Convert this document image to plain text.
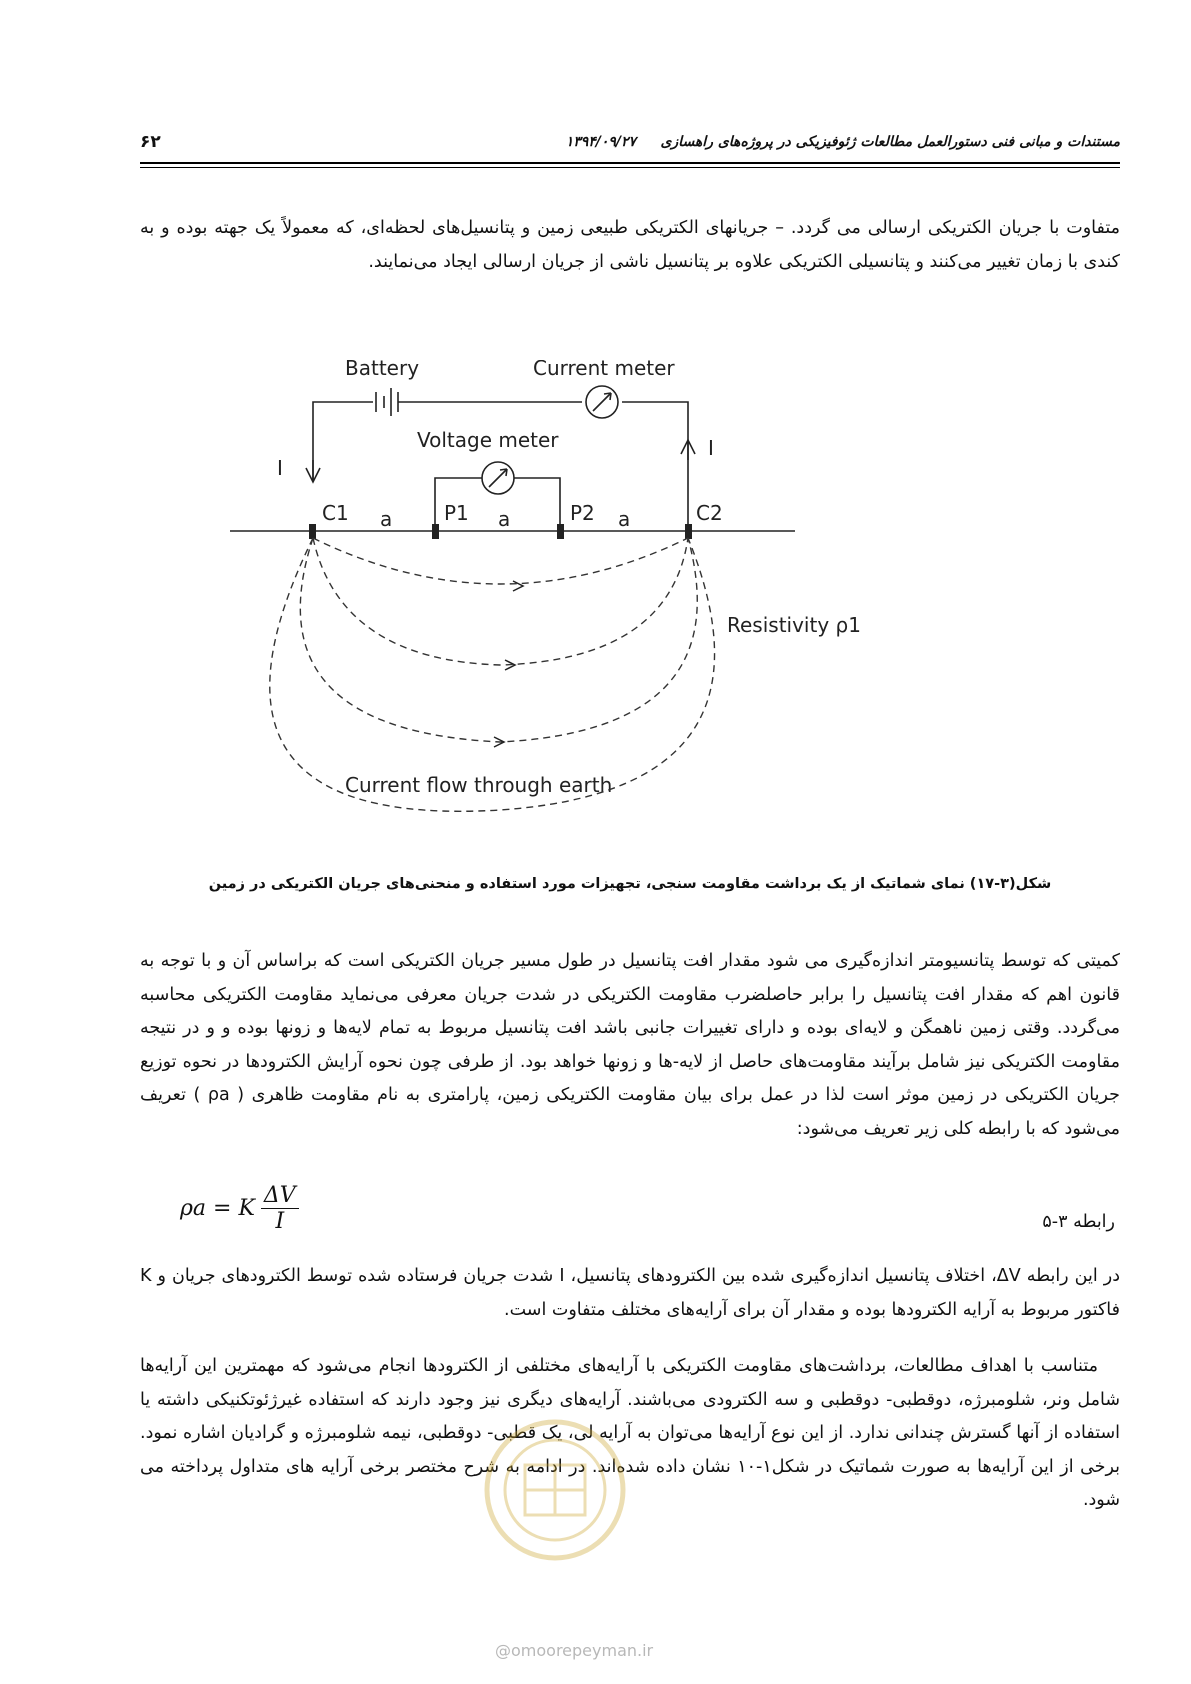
۶۲	مستندات و مبانی فنی دستورالعمل مطالعات ژئوفیزیکی در پروژه‌های راهسازی     ۱۳۹۴/۰۹/۲۷

متفاوت با جریان الکتریکی ارسالی می گردد. – جریانهای الکتریکی طبیعی زمین و پتانسیل‌های لحظه‌ای، که معمولاً یک جهته بوده و به کندی با زمان تغییر می‌کنند و پتانسیلی الکتریکی علاوه بر پتانسیل ناشی از جریان ارسالی ایجاد می‌نمایند.

Battery	Current meter
Voltage meter
I
I
C1 a	P1 a	P2 a	C2
Resistivity ρ1
Current flow through earth
شکل(۳-۱۷) نمای شماتیک از یک برداشت مقاومت سنجی، تجهیزات مورد استفاده و منحنی‌های جریان الکتریکی در زمین

کمیتی که توسط پتانسیومتر اندازه‌گیری می شود مقدار افت پتانسیل در طول مسیر جریان الکتریکی است که براساس آن و با توجه به قانون اهم که مقدار افت پتانسیل را برابر حاصلضرب مقاومت الکتریکی در شدت جریان معرفی می‌نماید مقاومت الکتریکی محاسبه می‌گردد. وقتی زمین ناهمگن و لایه‌ای بوده و دارای تغییرات جانبی باشد افت پتانسیل مربوط به تمام لایه‌ها و زونها بوده و و در نتیجه مقاومت الکتریکی نیز شامل برآیند مقاومت‌های حاصل از لایه-ها و زونها خواهد بود. از طرفی چون نحوه آرایش الکترودها در نحوه توزیع جریان الکتریکی در زمین موثر است لذا در عمل برای بیان مقاومت الکتریکی زمین، پارامتری به نام مقاومت ظاهری ( ρa ) تعریف می‌شود که با رابطه کلی زیر تعریف می‌شود:

ρa = K $\frac{\Delta V}{I}$	رابطه ۳-۵

در این رابطه ΔV، اختلاف پتانسیل اندازه‌گیری شده بین الکترودهای پتانسیل، I شدت جریان فرستاده شده توسط الکترودهای جریان و K فاکتور مربوط به آرایه الکترودها بوده و مقدار آن برای آرایه‌های مختلف متفاوت است.

متناسب با اهداف مطالعات، برداشت‌های مقاومت الکتریکی با آرایه‌های مختلفی از الکترودها انجام می‌شود که مهمترین این آرایه‌ها شامل ونر، شلومبرژه، دوقطبی- دوقطبی و سه الکترودی می‌باشند. آرایه‌های دیگری نیز وجود دارند که استفاده غیرژئوتکنیکی داشته یا استفاده از آنها گسترش چندانی ندارد. از این نوع آرایه‌ها می‌توان به آرایه لی، یک قطبی- دوقطبی، نیمه شلومبرژه و گرادیان اشاره نمود. برخی از این آرایه‌ها به صورت شماتیک در شکل۱-۱۰ نشان داده شده‌اند. در ادامه به شرح مختصر برخی آرایه های متداول پرداخته می شود.

@omoorepeyman.ir
